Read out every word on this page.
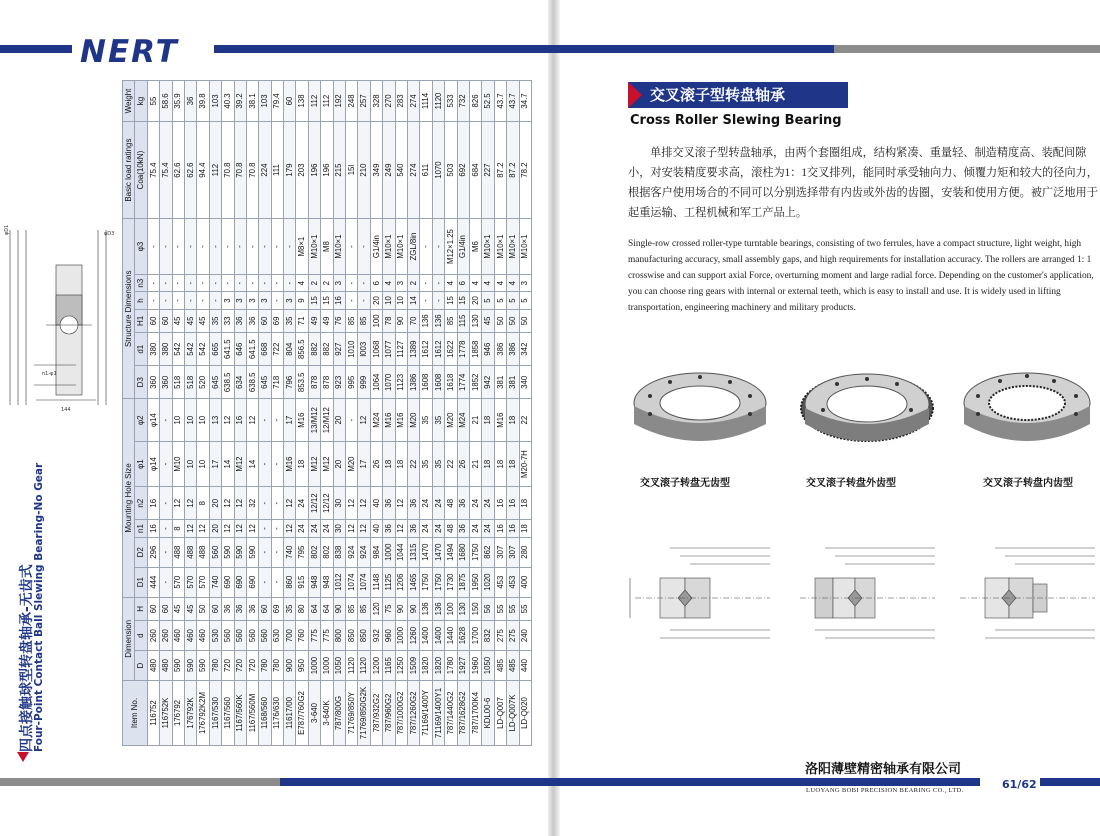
NERT
四点接触球型转盘轴承-无齿式
Four-Point Contact Ball Slewing Bearing-No Gear
φD1	φD3
n1-φ1
144
Item No.	Dimension			Mounting Hole Size						Structure Dimensions						Basic load ratings	Weight
	D	d	H	D1	D2	n1	n2	φ1	φ2	D3	d1	H1	h	n3	φ3	Coa(10kN)	kg
116752	480	260	60	444	296	16	16	φ14	φ14	360	380	60	-	-	-	75.4	55
116752K	480	260	60	-	-	-	-	-	-	360	380	60	-	-	-	75.4	58.6
176792	590	460	45	570	488	8	12	M10	10	518	542	45	-	-	-	62.6	35.9
176792K	590	460	45	570	488	12	12	10	10	518	542	45	-	-	-	62.6	36
176792K2M	590	460	50	570	488	12	8	10	10	520	542	45	-	-	-	94.4	39.8
1167/530	780	530	60	740	560	20	20	17	13	645	665	35	-	-	-	112	103
1167/560	720	560	36	690	590	12	12	14	12	638.5	641.5	33	3	-	-	70.8	40.3
1167/560K	720	560	36	690	590	12	12	M12	16	634	646	36	3	-	-	70.8	39.2
1167/560M	720	560	36	690	590	12	32	14	12	638.5	641.5	36	3	-	-	70.8	38.1
1168/560	780	560	60	-	-	-	-	-	-	645	668	60	3	-	-	224	103
1176/630	780	630	69	-	-	-	-	-	-	718	722	69	-	-	-	111	79.4
11617/00	900	700	35	860	740	12	12	M16	17	796	804	35	3	-	-	179	60
E787/760G2	950	760	80	915	795	24	24	18	M16	853.5	856.5	71	9	4	M8×1	203	138
3-640	1000	775	64	948	802	24	12/12	M12	13/M12	878	882	49	15	2	M10×1	196	112
3-640K	1000	775	64	948	802	24	12/12	M12	12/M12	878	882	49	15	2	M8	196	112
787/800G	1050	800	90	1012	838	30	30	20	20	923	927	76	16	3	M10×1	215	192
71769/850Y	1120	850	85	1074	924	12	12	M20	-	995	1010	85	-	-	-	15l	248
71769/850G2K	1120	850	85	1074	924	12	12	17	12	999	l003	85	-	-	-	210	257
787/932G2	1200	932	120	1148	984	40	40	26	M24	1064	1068	100	20	6	G1/4in	349	328
787/960G2	1165	960	75	1125	1000	36	36	18	M16	1070	1077	78	10	4	M10×1	249	270
787/1000G2	1250	1000	90	1206	1044	12	12	18	M16	1123	1127	90	10	3	M10×1	540	283
787/1260G2	1509	1260	90	1465	1315	36	36	22	M20	1386	1389	70	14	2	ZGL/8in	274	274
71169/1400Y	1820	1400	136	1750	1470	24	24	35	35	1608	1612	136	-	-	-	611	1114
71169/1400Y1	1820	1400	136	1750	1470	24	24	35	35	1608	1612	136	-	-	-	1070	1120
787/1440G2	1780	1440	100	1730	1494	48	48	22	M20	1618	1622	85	15	4	M12×1.25	503	533
787/1628G2	1927	1628	130	1875	1680	36	36	26	M24	1774	1778	115	15	6	G1/4in	692	732
787/1700K4	1960	1700	150	1950	1750	24	24	21	21	1852	1858	130	20	4	M6	684	826
KDL00-6	1050	832	56	1020	862	24	24	18	18	942	946	45	5	4	M10×1	227	52.5
LD-Q007	485	275	55	453	307	16	16	18	M16	381	386	50	5	4	M10×1	87.2	43.7
LD-Q007K	485	275	55	453	307	16	16	18	18	381	386	50	5	4	M10×1	87.2	43.7
LD-Q020	440	240	55	400	280	18	18	M20-7H	22	340	342	50	5	3	M10×1	78.2	34.7	交叉滚子型转盘轴承
Cross Roller Slewing Bearing
单排交叉滚子型转盘轴承，由两个套圈组成，结构紧凑、重量轻、制造精度高、装配间隙小，对安装精度要求高，滚柱为1：1交叉排列，能同时承受轴向力、倾覆力矩和较大的径向力，根据客户使用场合的不同可以分别选择带有内齿或外齿的齿圈，安装和使用方便。被广泛地用于起重运输、工程机械和军工产品上。
Single-row crossed roller-type turntable bearings, consisting of two ferrules, have a compact structure, light weight, high manufacturing accuracy, small assembly gaps, and high requirements for installation accuracy. The rollers are arranged 1: 1 crosswise and can support axial Force, overturning moment and large radial force. Depending on the customer's application, you can choose ring gears with internal or external teeth, which is easy to install and use. It is widely used in lifting transportation, engineering machinery and military products.
交叉滚子转盘无齿型	交叉滚子转盘外齿型	交叉滚子转盘内齿型
洛阳薄壁精密轴承有限公司
LUOYANG BOBI PRECISION BEARING CO., LTD.	61/62
